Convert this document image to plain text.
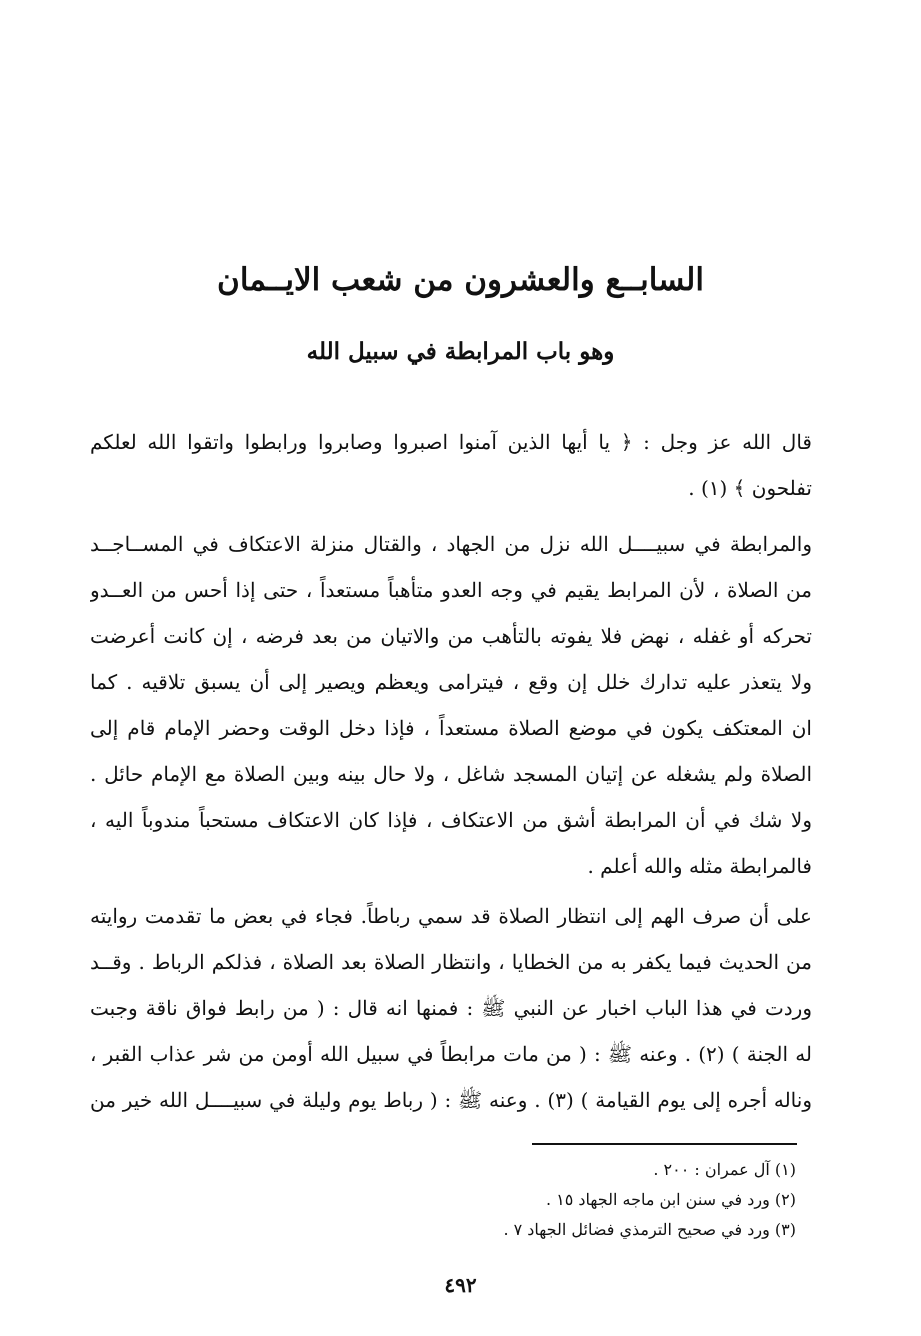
السابــع والعشرون من شعب الايــمان
وهو باب المرابطة في سبيل الله

قال الله عز وجل : ﴿ يا أيها الذين آمنوا اصبروا وصابروا ورابطوا واتقوا الله لعلكم

تفلحون ﴾ (١) .

والمرابطة في سبيــــل الله نزل من الجهاد ، والقتال منزلة الاعتكاف في المســاجــد

من الصلاة ، لأن المرابط يقيم في وجه العدو متأهباً مستعداً ، حتى إذا أحس من العــدو

تحركه أو غفله ، نهض فلا يفوته بالتأهب من والاتيان من بعد فرضه ، إن كانت أعرضت

ولا يتعذر عليه تدارك خلل إن وقع ، فيترامى ويعظم ويصير إلى أن يسبق تلاقيه . كما

ان المعتكف يكون في موضع الصلاة مستعداً ، فإذا دخل الوقت وحضر الإمام قام إلى

الصلاة ولم يشغله عن إتيان المسجد شاغل ، ولا حال بينه وبين الصلاة مع الإمام حائل .

ولا شك في أن المرابطة أشق من الاعتكاف ، فإذا كان الاعتكاف مستحباً مندوباً اليه ،

فالمرابطة مثله والله أعلم .

على أن صرف الهم إلى انتظار الصلاة قد سمي رباطاً. فجاء في بعض ما تقدمت روايته

من الحديث فيما يكفر به من الخطايا ، وانتظار الصلاة بعد الصلاة ، فذلكم الرباط . وقــد

وردت في هذا الباب اخبار عن النبي ﷺ : فمنها انه قال : ( من رابط فواق ناقة وجبت

له الجنة ) (٢) . وعنه ﷺ : ( من مات مرابطاً في سبيل الله أومن من شر عذاب القبر ،

وناله أجره إلى يوم القيامة ) (٣) . وعنه ﷺ : ( رباط يوم وليلة في سبيــــل الله خير من

(١) آل عمران : ٢٠٠ .

(٢) ورد في سنن ابن ماجه الجهاد ١٥ .

(٣) ورد في صحيح الترمذي فضائل الجهاد ٧ .

٤٩٢
